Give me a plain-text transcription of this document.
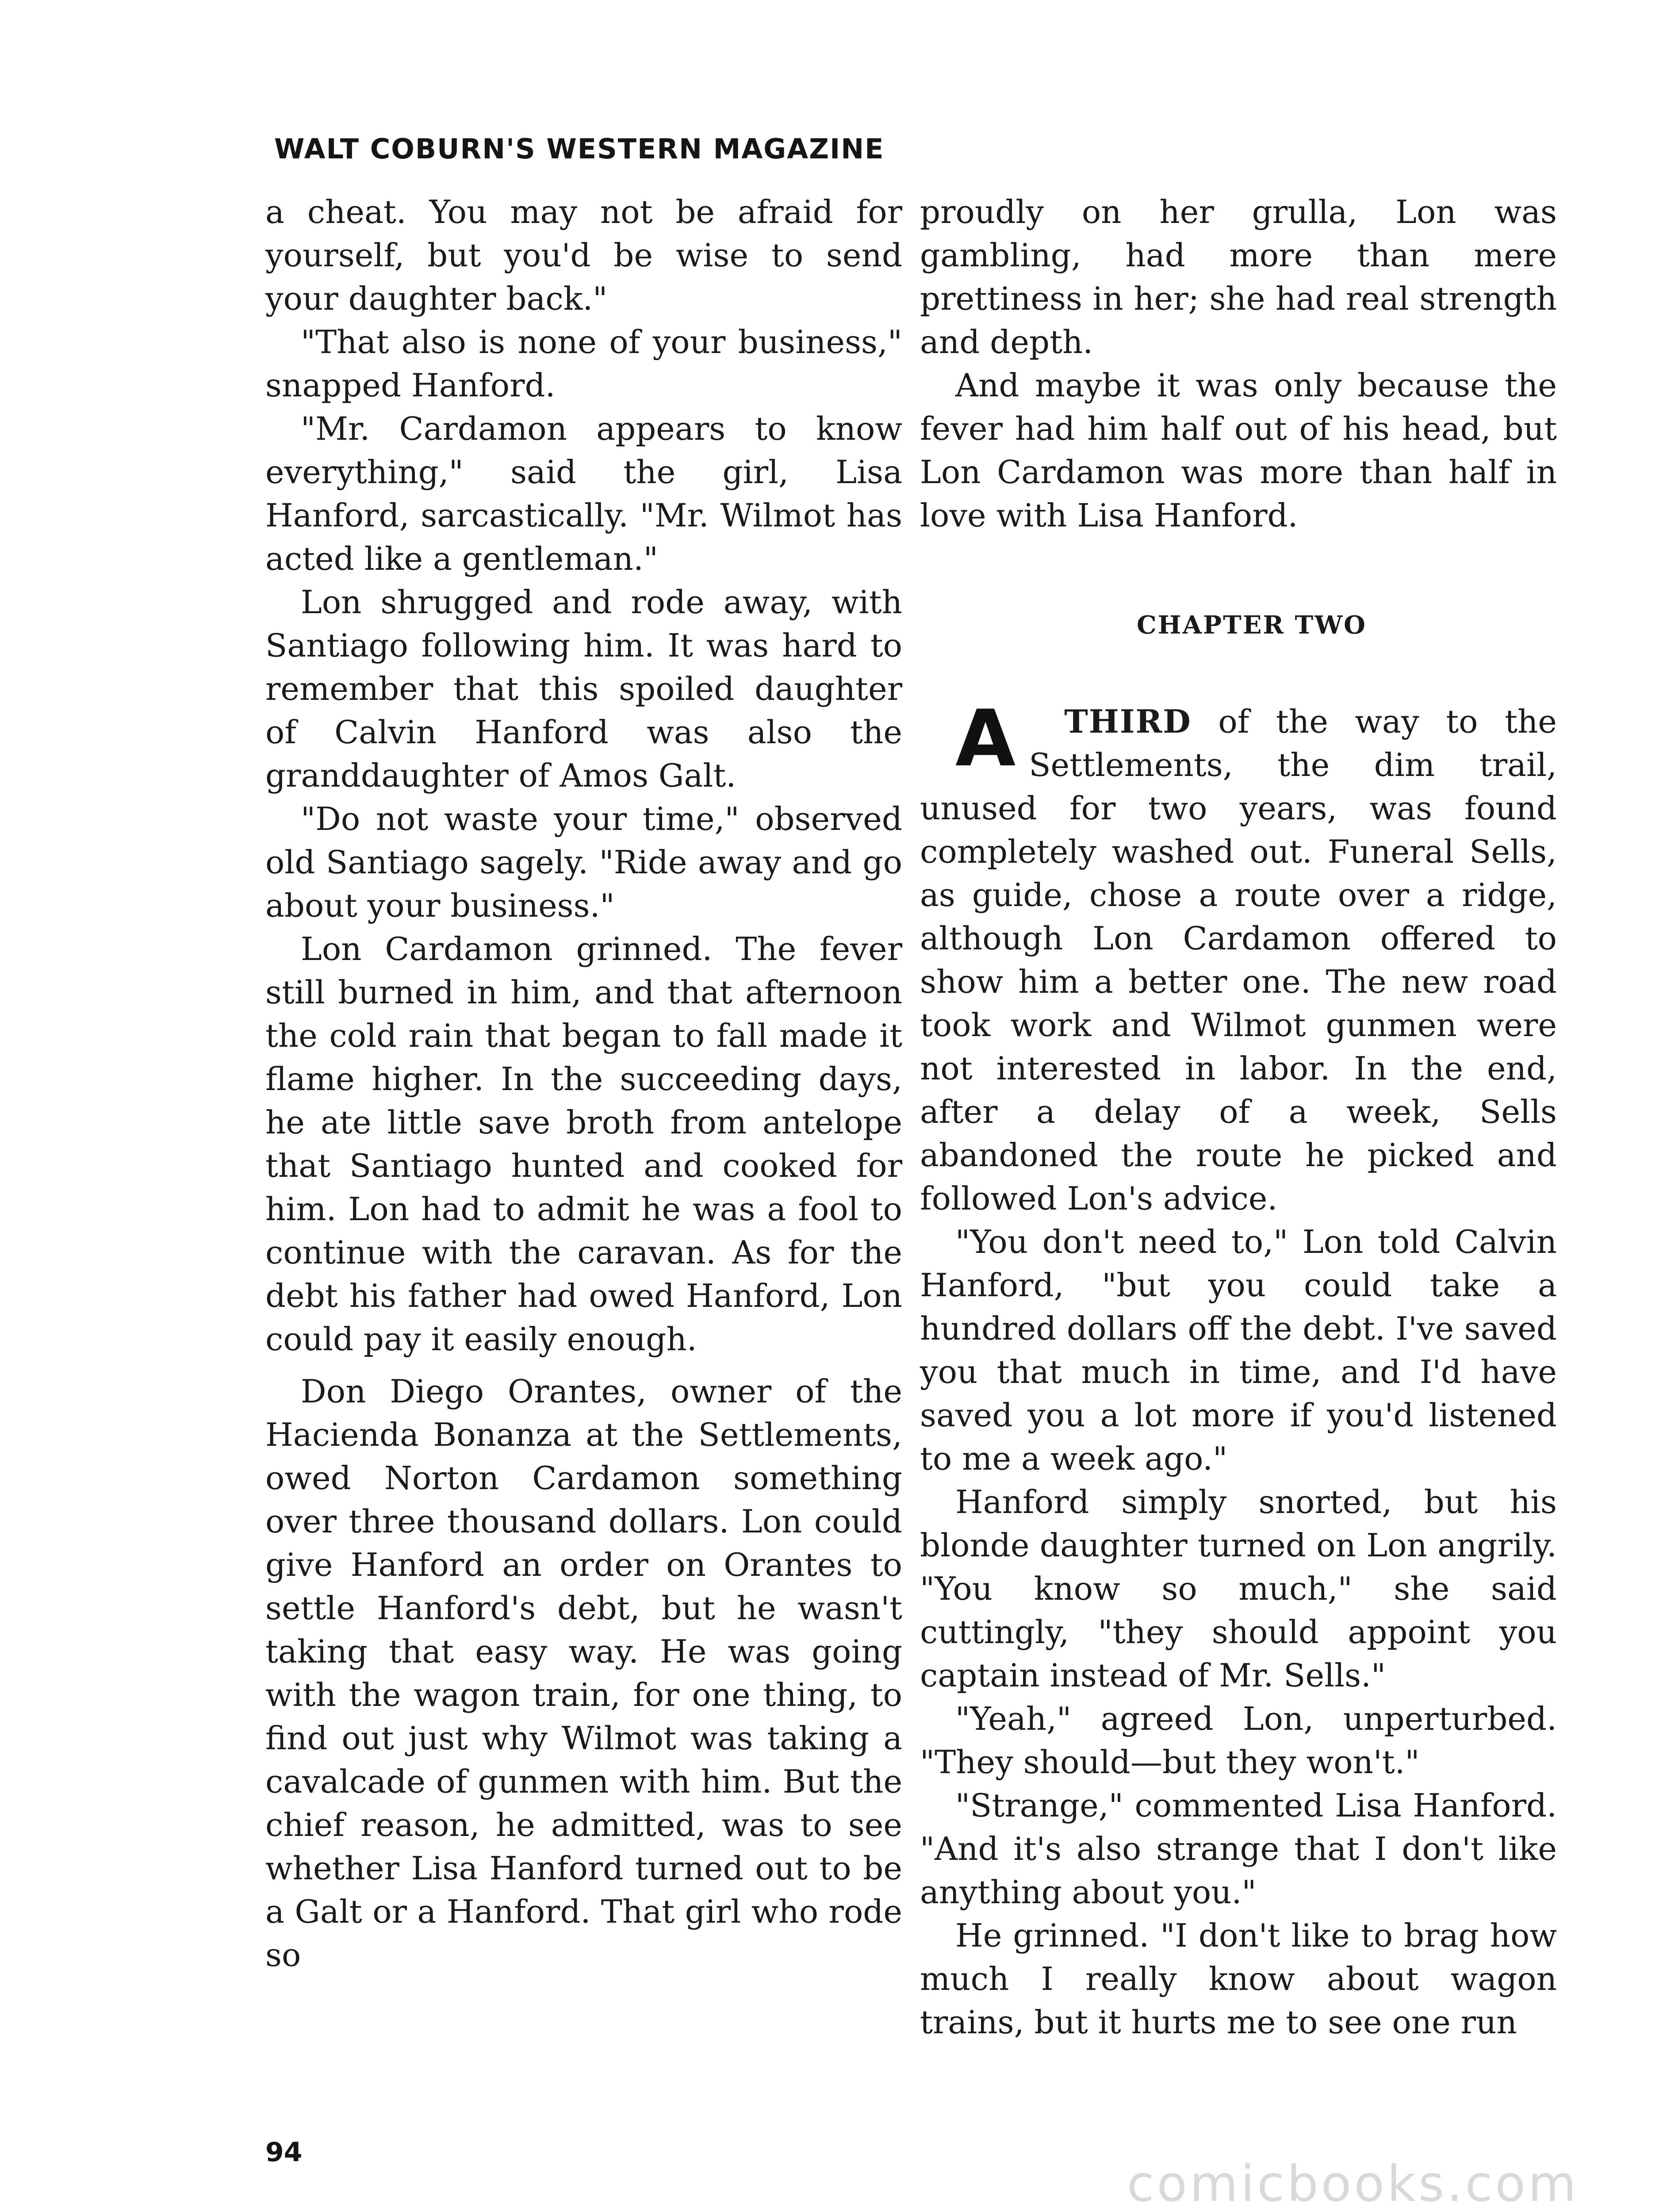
WALT COBURN'S WESTERN MAGAZINE

a cheat. You may not be afraid for yourself, but you'd be wise to send your daughter back."

"That also is none of your business," snapped Hanford.

"Mr. Cardamon appears to know everything," said the girl, Lisa Hanford, sarcastically. "Mr. Wilmot has acted like a gentleman."

Lon shrugged and rode away, with Santiago following him. It was hard to remember that this spoiled daughter of Calvin Hanford was also the granddaughter of Amos Galt.

"Do not waste your time," observed old Santiago sagely. "Ride away and go about your business."

Lon Cardamon grinned. The fever still burned in him, and that afternoon the cold rain that began to fall made it flame higher. In the succeeding days, he ate little save broth from antelope that Santiago hunted and cooked for him. Lon had to admit he was a fool to continue with the caravan. As for the debt his father had owed Hanford, Lon could pay it easily enough.

Don Diego Orantes, owner of the Hacienda Bonanza at the Settlements, owed Norton Cardamon something over three thousand dollars. Lon could give Hanford an order on Orantes to settle Hanford's debt, but he wasn't taking that easy way. He was going with the wagon train, for one thing, to find out just why Wilmot was taking a cavalcade of gunmen with him. But the chief reason, he admitted, was to see whether Lisa Hanford turned out to be a Galt or a Hanford. That girl who rode so

proudly on her grulla, Lon was gambling, had more than mere prettiness in her; she had real strength and depth.

And maybe it was only because the fever had him half out of his head, but Lon Cardamon was more than half in love with Lisa Hanford.

CHAPTER TWO

A THIRD of the way to the Settlements, the dim trail, unused for two years, was found completely washed out. Funeral Sells, as guide, chose a route over a ridge, although Lon Cardamon offered to show him a better one. The new road took work and Wilmot gunmen were not interested in labor. In the end, after a delay of a week, Sells abandoned the route he picked and followed Lon's advice.

"You don't need to," Lon told Calvin Hanford, "but you could take a hundred dollars off the debt. I've saved you that much in time, and I'd have saved you a lot more if you'd listened to me a week ago."

Hanford simply snorted, but his blonde daughter turned on Lon angrily. "You know so much," she said cuttingly, "they should appoint you captain instead of Mr. Sells."

"Yeah," agreed Lon, unperturbed. "They should—but they won't."

"Strange," commented Lisa Hanford. "And it's also strange that I don't like anything about you."

He grinned. "I don't like to brag how much I really know about wagon trains, but it hurts me to see one run

94
comicbooks.com
